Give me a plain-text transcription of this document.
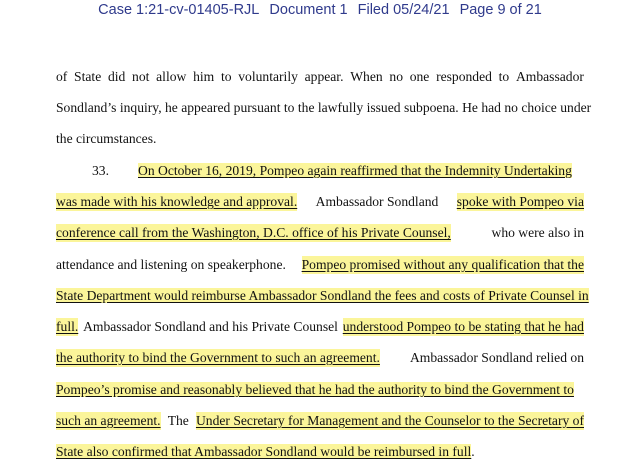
Case 1:21-cv-01405-RJL Document 1 Filed 05/24/21 Page 9 of 21
of State did not allow him to voluntarily appear. When no one responded to Ambassador
Sondland’s inquiry, he appeared pursuant to the lawfully issued subpoena. He had no choice under
the circumstances.
33. On October 16, 2019, Pompeo again reaffirmed that the Indemnity Undertaking
was made with his knowledge and approval. Ambassador Sondland spoke with Pompeo via
conference call from the Washington, D.C. office of his Private Counsel,	who were also in
attendance and listening on speakerphone. Pompeo promised without any qualification that the
State Department would reimburse Ambassador Sondland the fees and costs of Private Counsel in
full. Ambassador Sondland and his Private Counsel understood Pompeo to be stating that he had
the authority to bind the Government to such an agreement. Ambassador Sondland relied on
Pompeo’s promise and reasonably believed that he had the authority to bind the Government to
such an agreement. The Under Secretary for Management and the Counselor to the Secretary of
State also confirmed that Ambassador Sondland would be reimbursed in full.
